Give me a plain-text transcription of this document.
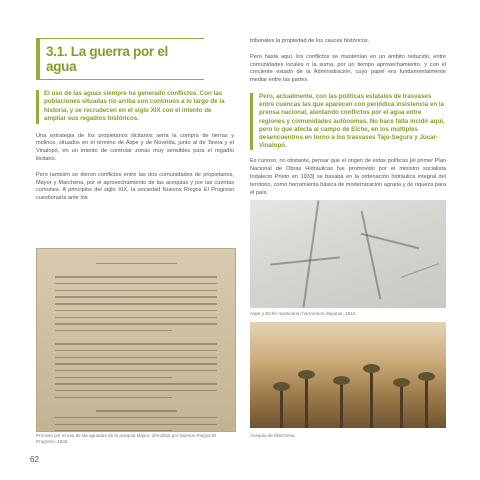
3.1. La guerra por el agua

El uso de las aguas siempre ha generado conflictos. Con las poblaciones situadas río arriba son continuos a lo largo de la historia, y se recrudecen en el siglo XIX con el intento de ampliar sus regadíos históricos.

Una estrategia de los propietarios ilicitanos sería la compra de tierras y molinos, situados en el término de Aspe y de Novelda, junto al de Tavira y el Vinalopó, en un intento de controlar zonas muy sensibles para el regadío ilicitano.

Pero también se dieron conflictos entre las dos comunidades de propietarios, Mayor y Marchena, por el aprovechamiento de las acequias y por las cuentas comunes. A principios del siglo XIX, la sociedad Nuevos Riegos El Progreso cuestionaría ante los

tribunales la propiedad de los cauces históricos.

Pero hasta aquí, los conflictos se mantenían en un ámbito reducido, entre comunidades locales o la suma, por un tiempo aprovechamiento, y con el creciente estado de la Administración, cuyo papel era fundamentalmente mediar entre las partes.

Pero, actualmente, con las políticas estatales de trasvases entre cuencas las que aparecen con periódica insistencia en la prensa nacional, alentando conflictos por el agua entre regiones y comunidades autónomas. No hace falta incidir aquí, pero lo que afecta al campo de Elche, en los múltiples desencuentros en torno a los trasvases Tajo-Segura y Júcar-Vinalopó.

Es curioso, no obstante, pensar que el origen de estas políticas [el primer Plan Nacional de Obras Hidráulicas fue promovido por el ministro socialista Indalecio Prieto en 1933] se basaba en la ordenación hidráulica integral del territorio, como herramienta básica de modernización agraria y de riqueza para el país.

Proceso por el uso de las aguadas de la acequia Mayor, ofrecidos por Nuevos Riegos El Progreso, 1933
Aspe y Elche reactivaron horrorosos disputas, 1912
Acequia de Marchena
62
